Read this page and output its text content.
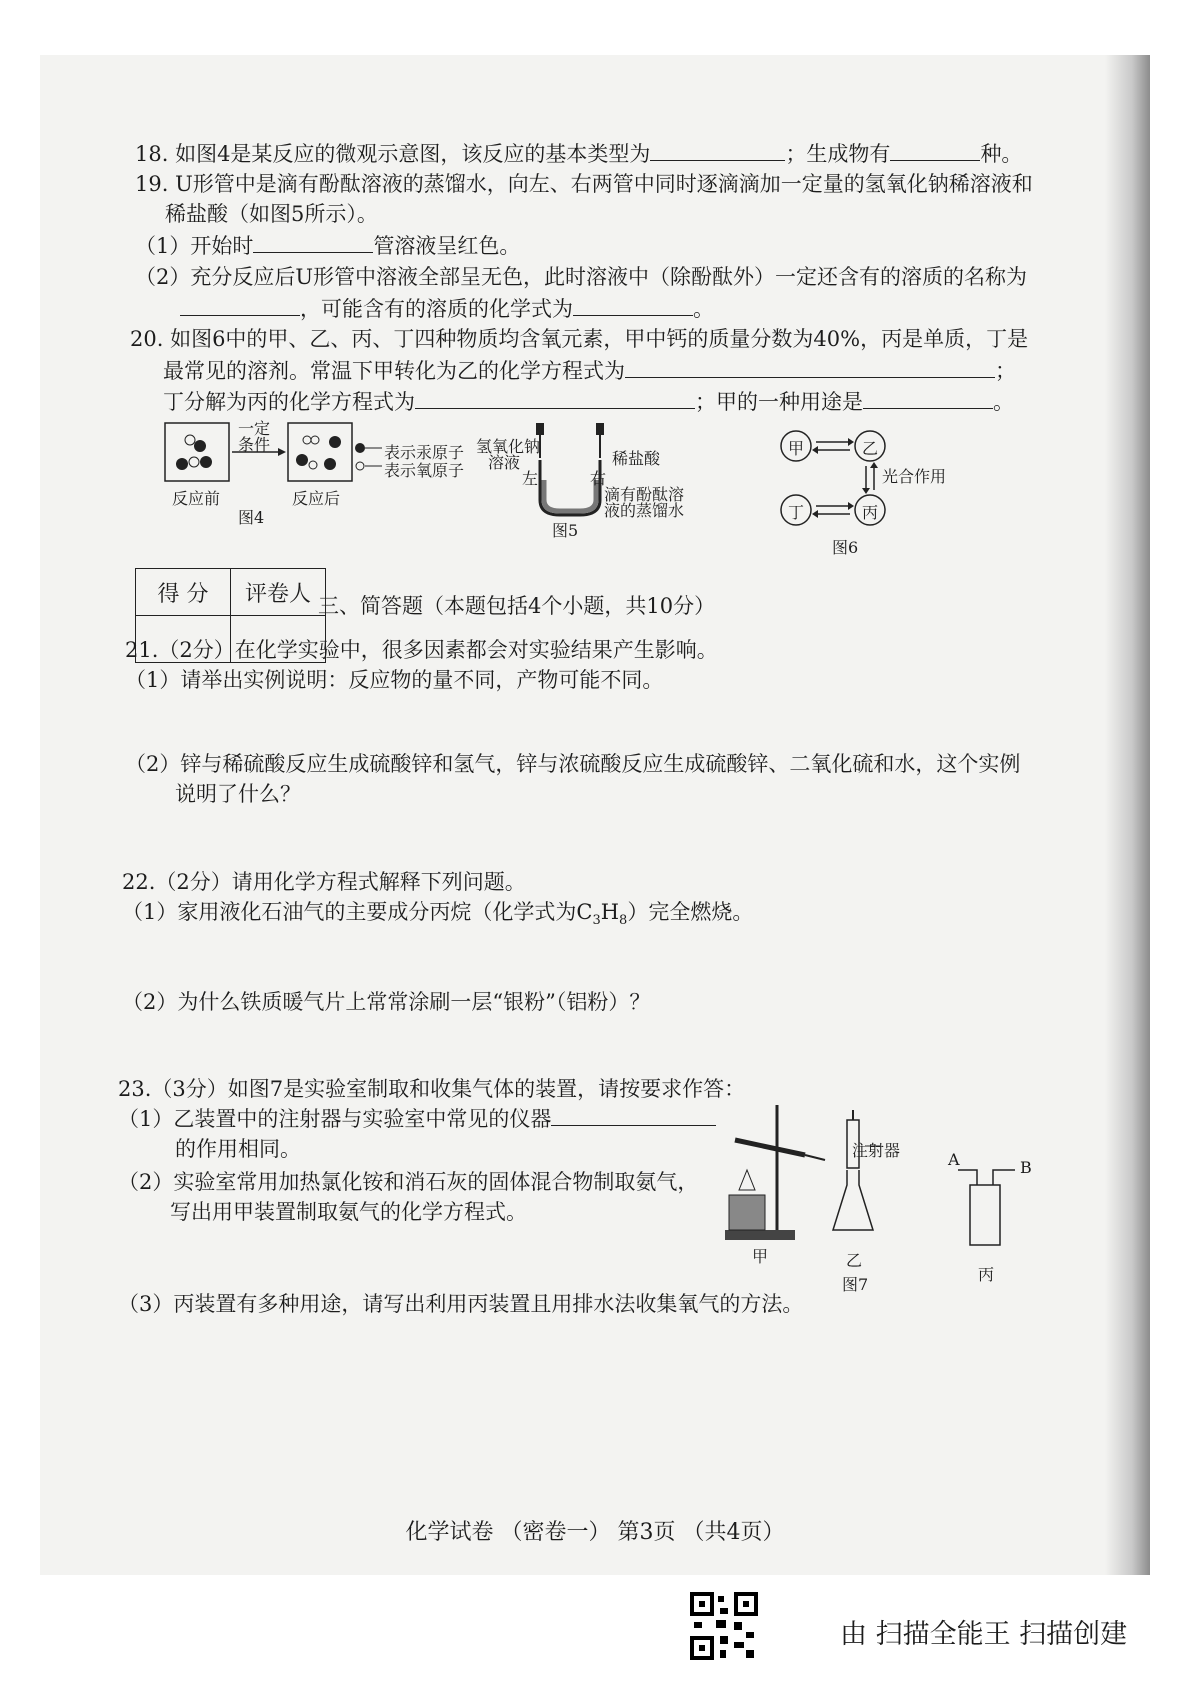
18. 如图4是某反应的微观示意图，该反应的基本类型为	；生成物有	种。
19. U形管中是滴有酚酞溶液的蒸馏水，向左、右两管中同时逐滴滴加一定量的氢氧化钠稀溶液和
稀盐酸（如图5所示）。
（1）开始时	管溶液呈红色。
（2）充分反应后U形管中溶液全部呈无色，此时溶液中（除酚酞外）一定还含有的溶质的名称为
，可能含有的溶质的化学式为	。
20. 如图6中的甲、乙、丙、丁四种物质均含氧元素，甲中钙的质量分数为40%，丙是单质，丁是
最常见的溶剂。常温下甲转化为乙的化学方程式为	；
丁分解为丙的化学方程式为	；甲的一种用途是	。
一定
条件	表示汞原子
表示氧原子
反应前	反应后
图4
氢氧化钠
溶液	稀盐酸
左	右
滴有酚酞溶
液的蒸馏水
图5
甲	乙
丁	丙
光合作用
图6
得 分	评卷人
	三、简答题（本题包括4个小题，共10分）
21.（2分）在化学实验中，很多因素都会对实验结果产生影响。
（1）请举出实例说明：反应物的量不同，产物可能不同。
（2）锌与稀硫酸反应生成硫酸锌和氢气，锌与浓硫酸反应生成硫酸锌、二氧化硫和水，这个实例
说明了什么？
22.（2分）请用化学方程式解释下列问题。
（1）家用液化石油气的主要成分丙烷（化学式为$C_3H_8$）完全燃烧。
（2）为什么铁质暖气片上常常涂刷一层“银粉”（铝粉）？
23.（3分）如图7是实验室制取和收集气体的装置，请按要求作答：
（1）乙装置中的注射器与实验室中常见的仪器
的作用相同。
（2）实验室常用加热氯化铵和消石灰的固体混合物制取氨气，
写出用甲装置制取氨气的化学方程式。
（3）丙装置有多种用途，请写出利用丙装置且用排水法收集氧气的方法。
注射器	A	B
甲	乙
图7
丙
化学试卷 （密卷一） 第3页 （共4页）
由 扫描全能王 扫描创建
